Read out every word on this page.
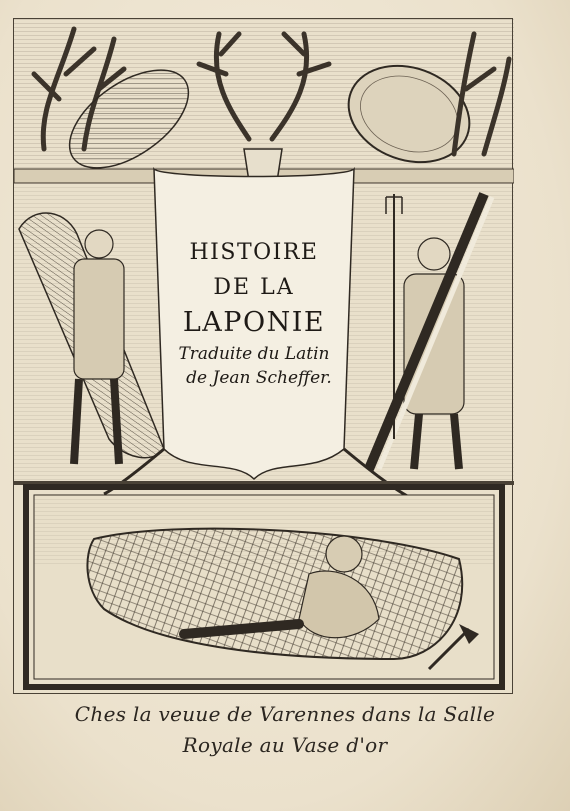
HISTOIRE
DE LA
LAPONIE
Traduite du Latin
de Jean Scheffer.
Ches la veuue de Varennes dans la Salle
Royale au Vase d'or
